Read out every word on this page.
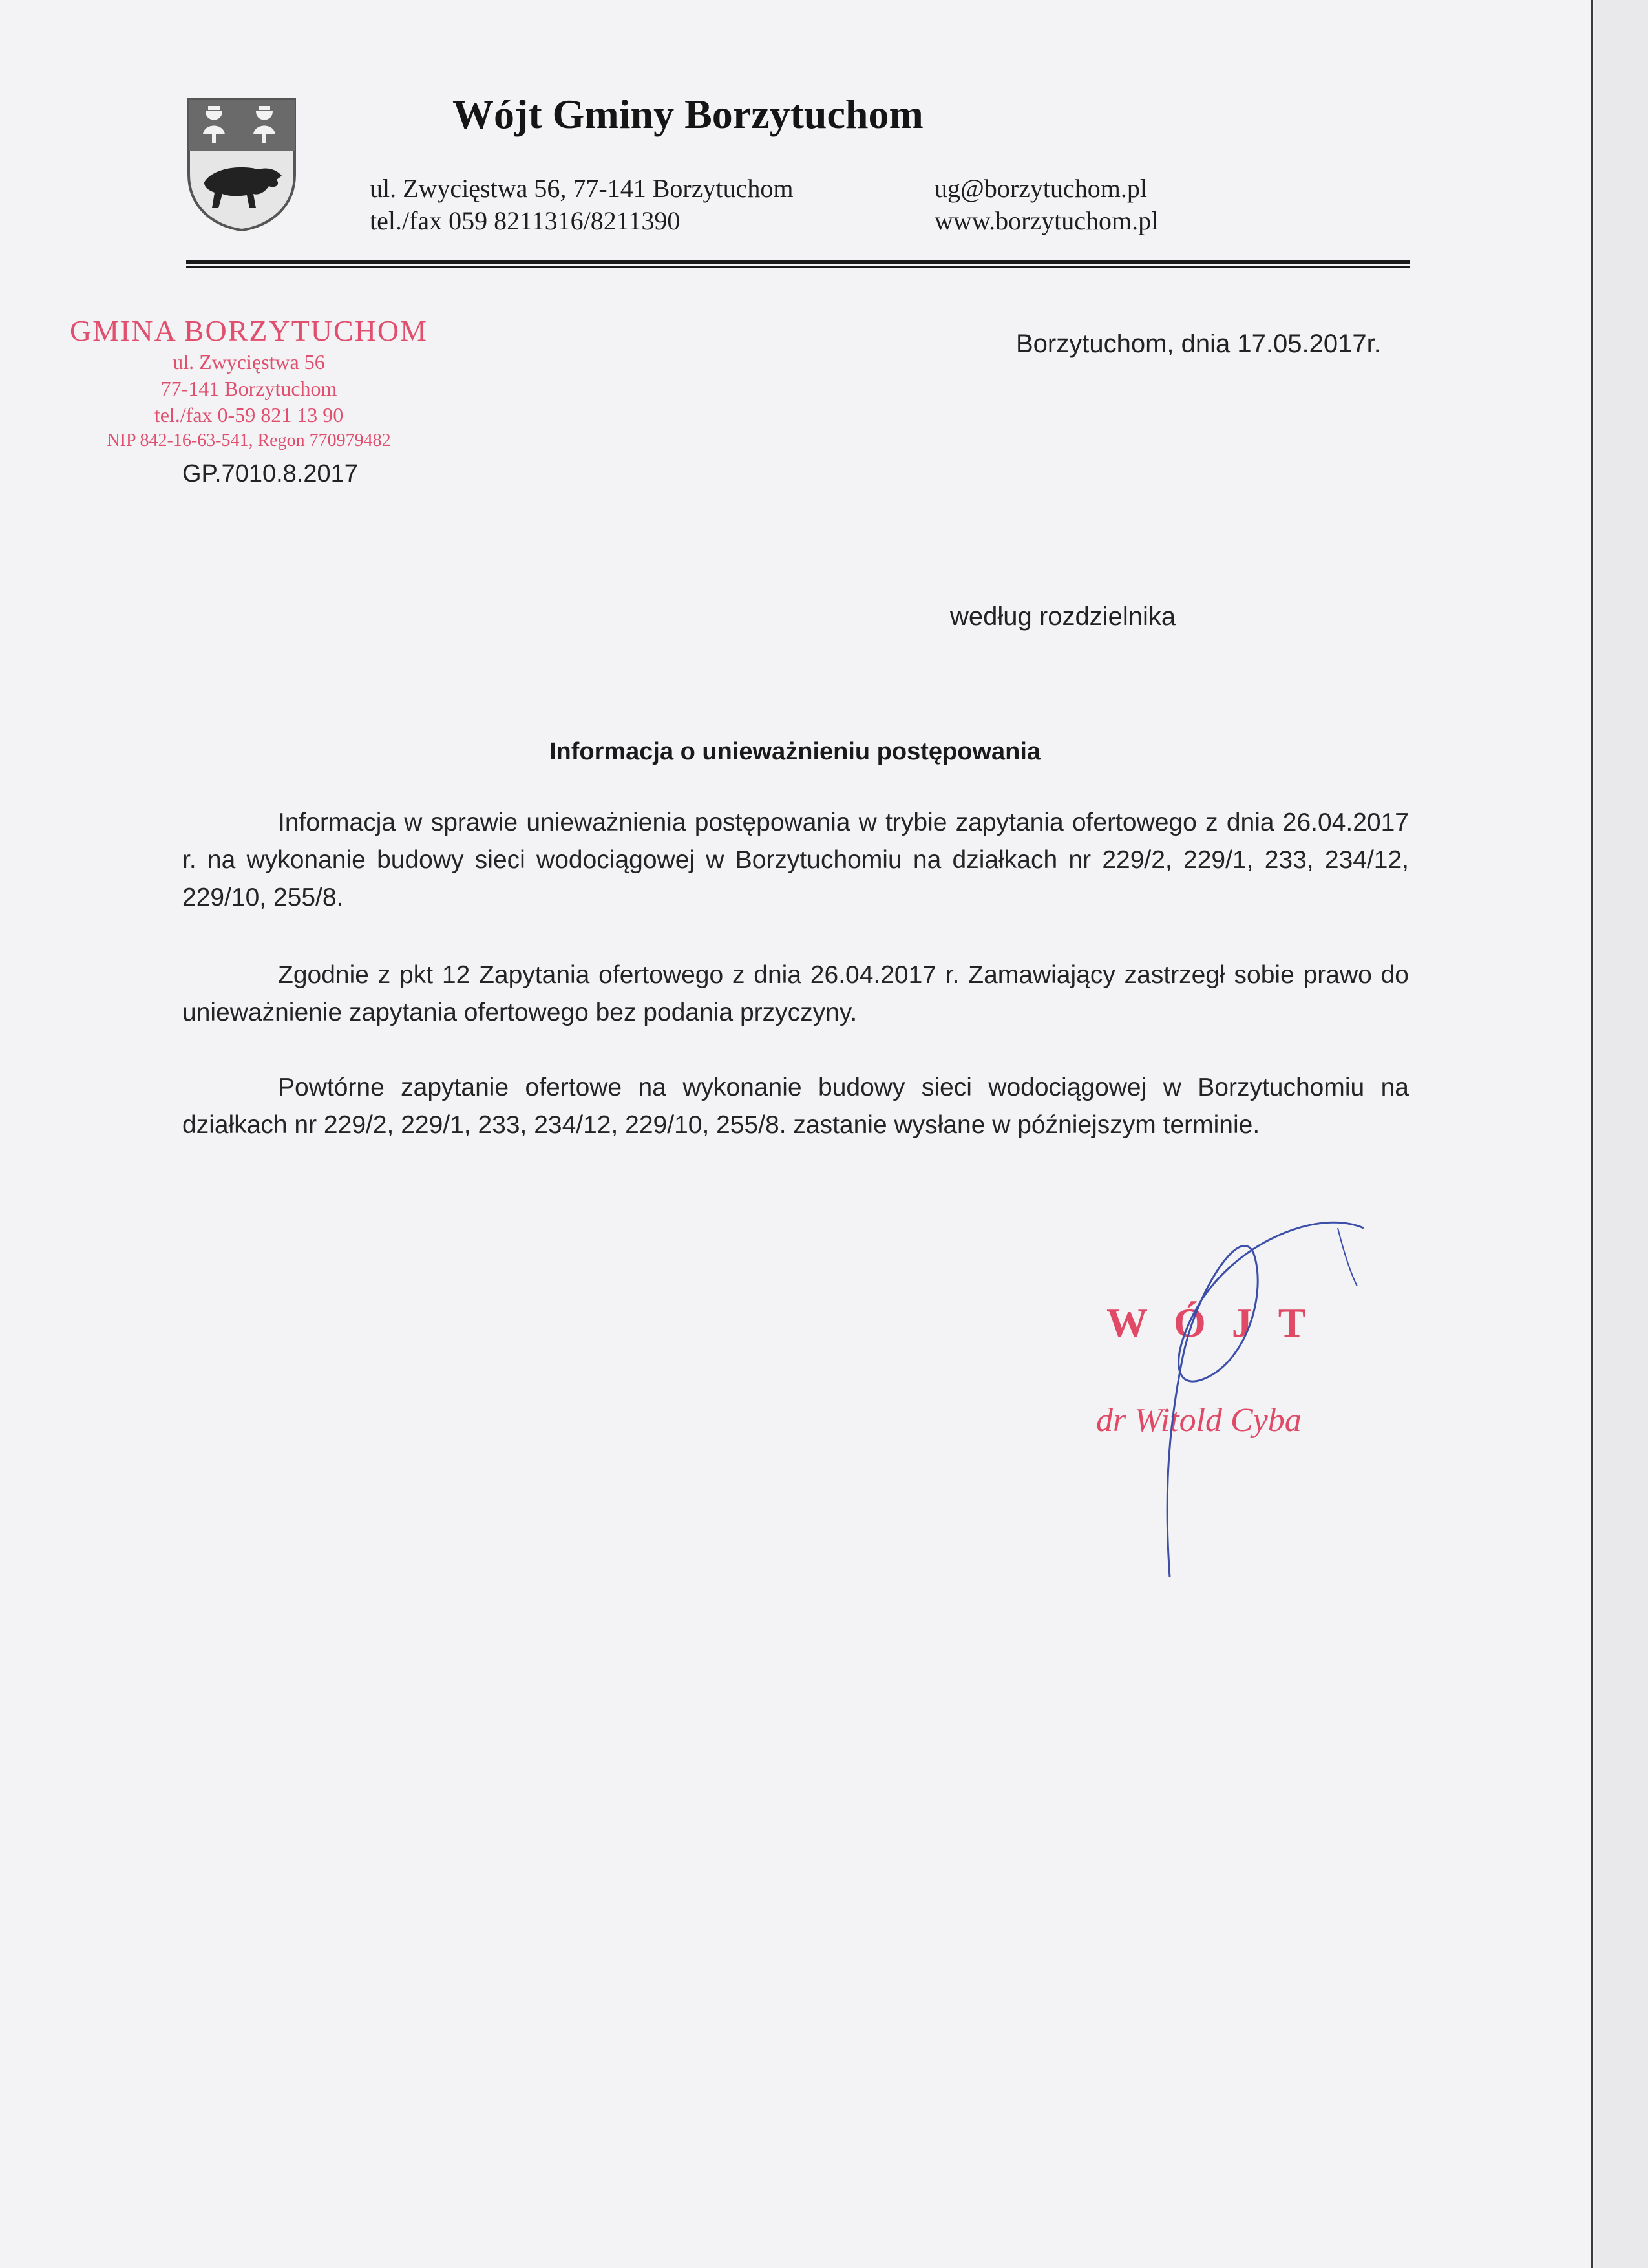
Wójt Gminy Borzytuchom
ul. Zwycięstwa 56, 77-141 Borzytuchom
tel./fax 059 8211316/8211390
ug@borzytuchom.pl
www.borzytuchom.pl
GMINA BORZYTUCHOM
ul. Zwycięstwa 56
77-141 Borzytuchom
tel./fax 0-59 821 13 90
NIP 842-16-63-541, Regon 770979482
GP.7010.8.2017
Borzytuchom, dnia 17.05.2017r.
według rozdzielnika
Informacja o unieważnieniu postępowania
Informacja w sprawie unieważnienia postępowania w trybie zapytania ofertowego z dnia 26.04.2017 r. na wykonanie budowy sieci wodociągowej w Borzytuchomiu na działkach nr 229/2, 229/1, 233, 234/12, 229/10, 255/8.
Zgodnie z pkt 12 Zapytania ofertowego z dnia 26.04.2017 r. Zamawiający zastrzegł sobie prawo do unieważnienie zapytania ofertowego bez podania przyczyny.
Powtórne zapytanie ofertowe na wykonanie budowy sieci wodociągowej w Borzytuchomiu na działkach nr 229/2, 229/1, 233, 234/12, 229/10, 255/8. zastanie wysłane w późniejszym terminie.
WÓJT
dr Witold Cyba
